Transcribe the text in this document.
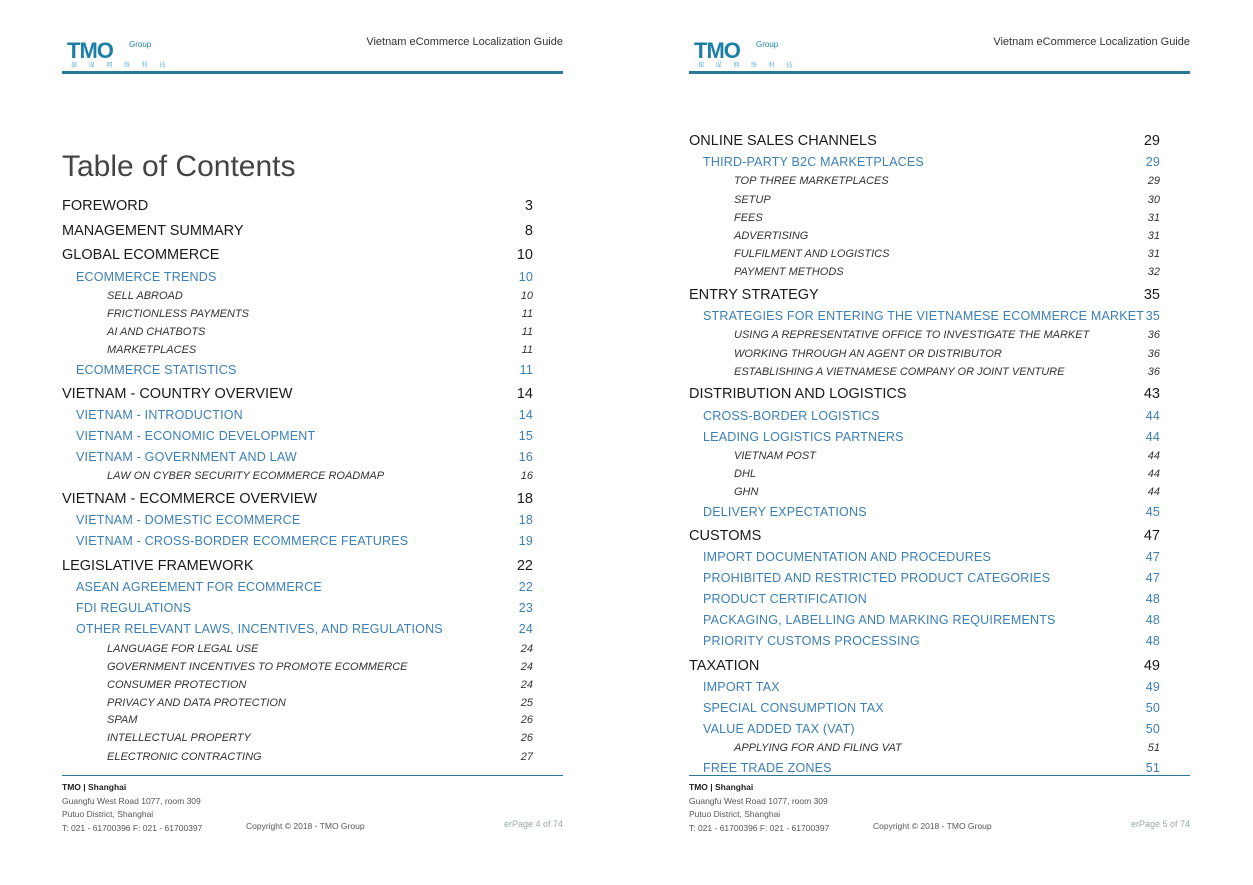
TMO Group
探 谋 网 络 科 技
Vietnam eCommerce Localization Guide
Table of Contents
FOREWORD	3
MANAGEMENT SUMMARY	8
GLOBAL ECOMMERCE	10
ECOMMERCE TRENDS	10
SELL ABROAD	10
FRICTIONLESS PAYMENTS	11
AI AND CHATBOTS	11
MARKETPLACES	11
ECOMMERCE STATISTICS	11
VIETNAM - COUNTRY OVERVIEW	14
VIETNAM - INTRODUCTION	14
VIETNAM - ECONOMIC DEVELOPMENT	15
VIETNAM - GOVERNMENT AND LAW	16
LAW ON CYBER SECURITY ECOMMERCE ROADMAP	16
VIETNAM - ECOMMERCE OVERVIEW	18
VIETNAM - DOMESTIC ECOMMERCE	18
VIETNAM - CROSS-BORDER ECOMMERCE FEATURES	19
LEGISLATIVE FRAMEWORK	22
ASEAN AGREEMENT FOR ECOMMERCE	22
FDI REGULATIONS	23
OTHER RELEVANT LAWS, INCENTIVES, AND REGULATIONS	24
LANGUAGE FOR LEGAL USE	24
GOVERNMENT INCENTIVES TO PROMOTE ECOMMERCE	24
CONSUMER PROTECTION	24
PRIVACY AND DATA PROTECTION	25
SPAM	26
INTELLECTUAL PROPERTY	26
ELECTRONIC CONTRACTING	27
TMO | Shanghai
Guangfu West Road 1077, room 309
Putuo District, Shanghai
T: 021 - 61700396 F: 021 - 61700397	Copyright © 2018 - TMO Group	erPage 4 of 74
TMO Group
探 谋 网 络 科 技
Vietnam eCommerce Localization Guide
ONLINE SALES CHANNELS	29
THIRD-PARTY B2C MARKETPLACES	29
TOP THREE MARKETPLACES	29
SETUP	30
FEES	31
ADVERTISING	31
FULFILMENT AND LOGISTICS	31
PAYMENT METHODS	32
ENTRY STRATEGY	35
STRATEGIES FOR ENTERING THE VIETNAMESE ECOMMERCE MARKET 35
USING A REPRESENTATIVE OFFICE TO INVESTIGATE THE MARKET	36
WORKING THROUGH AN AGENT OR DISTRIBUTOR	36
ESTABLISHING A VIETNAMESE COMPANY OR JOINT VENTURE	36
DISTRIBUTION AND LOGISTICS	43
CROSS-BORDER LOGISTICS	44
LEADING LOGISTICS PARTNERS	44
VIETNAM POST	44
DHL	44
GHN	44
DELIVERY EXPECTATIONS	45
CUSTOMS	47
IMPORT DOCUMENTATION AND PROCEDURES	47
PROHIBITED AND RESTRICTED PRODUCT CATEGORIES	47
PRODUCT CERTIFICATION	48
PACKAGING, LABELLING AND MARKING REQUIREMENTS	48
PRIORITY CUSTOMS PROCESSING	48
TAXATION	49
IMPORT TAX	49
SPECIAL CONSUMPTION TAX	50
VALUE ADDED TAX (VAT)	50
APPLYING FOR AND FILING VAT	51
FREE TRADE ZONES	51
TMO | Shanghai
Guangfu West Road 1077, room 309
Putuo District, Shanghai
T: 021 - 61700396 F: 021 - 61700397	Copyright © 2018 - TMO Group	erPage 5 of 74
